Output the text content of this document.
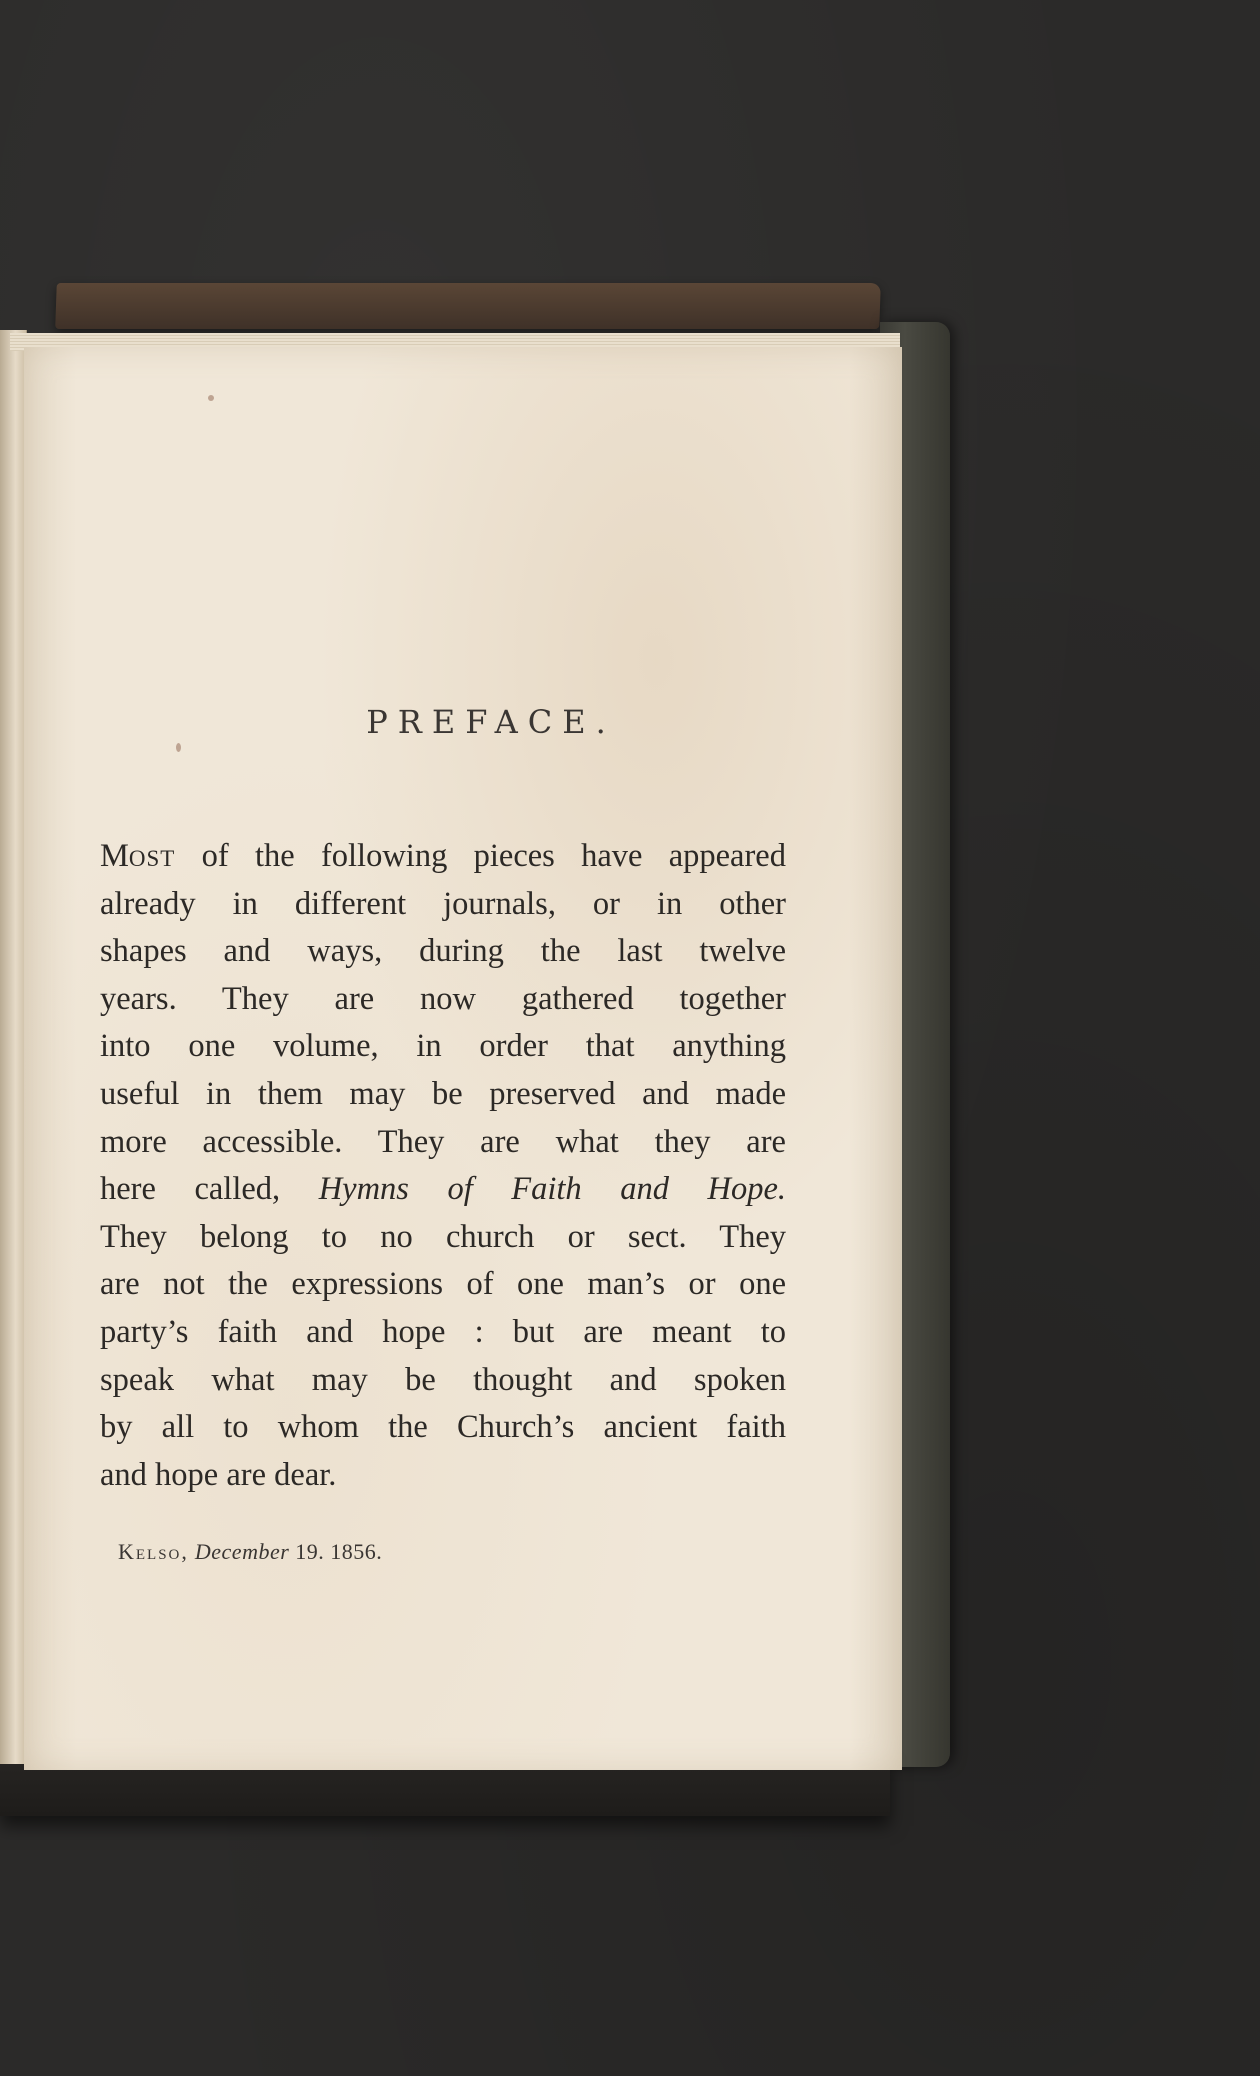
PREFACE.
Most of the following pieces have appeared
already in different journals, or in other
shapes and ways, during the last twelve
years. They are now gathered together
into one volume, in order that anything
useful in them may be preserved and made
more accessible. They are what they are
here called, Hymns of Faith and Hope.
They belong to no church or sect. They
are not the expressions of one man’s or one
party’s faith and hope : but are meant to
speak what may be thought and spoken
by all to whom the Church’s ancient faith
and hope are dear.
Kelso, December 19. 1856.
